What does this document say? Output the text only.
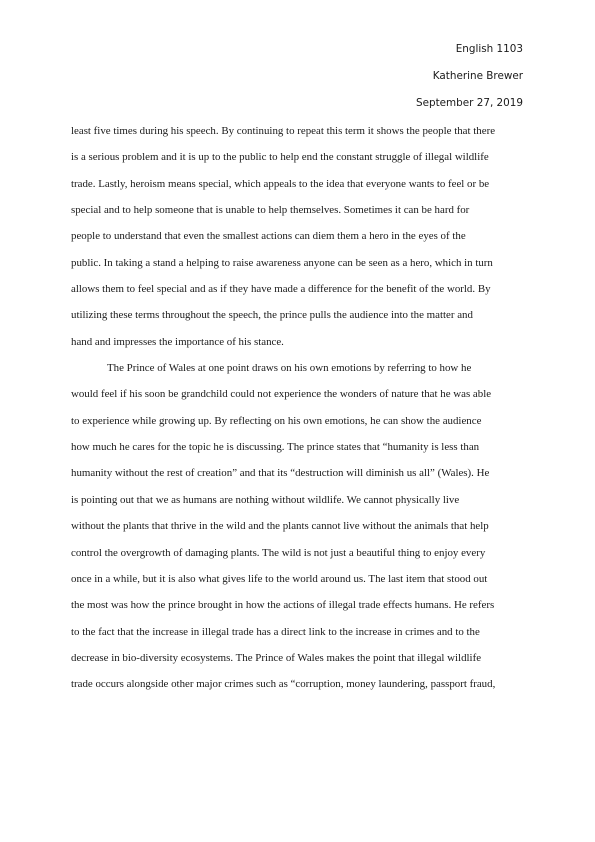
English 1103
Katherine Brewer
September 27, 2019
least five times during his speech. By continuing to repeat this term it shows the people that there
is a serious problem and it is up to the public to help end the constant struggle of illegal wildlife
trade. Lastly, heroism means special, which appeals to the idea that everyone wants to feel or be
special and to help someone that is unable to help themselves. Sometimes it can be hard for
people to understand that even the smallest actions can diem them a hero in the eyes of the
public. In taking a stand a helping to raise awareness anyone can be seen as a hero, which in turn
allows them to feel special and as if they have made a difference for the benefit of the world. By
utilizing these terms throughout the speech, the prince pulls the audience into the matter and
hand and impresses the importance of his stance.
The Prince of Wales at one point draws on his own emotions by referring to how he
would feel if his soon be grandchild could not experience the wonders of nature that he was able
to experience while growing up. By reflecting on his own emotions, he can show the audience
how much he cares for the topic he is discussing. The prince states that “humanity is less than
humanity without the rest of creation” and that its “destruction will diminish us all” (Wales). He
is pointing out that we as humans are nothing without wildlife. We cannot physically live
without the plants that thrive in the wild and the plants cannot live without the animals that help
control the overgrowth of damaging plants. The wild is not just a beautiful thing to enjoy every
once in a while, but it is also what gives life to the world around us. The last item that stood out
the most was how the prince brought in how the actions of illegal trade effects humans. He refers
to the fact that the increase in illegal trade has a direct link to the increase in crimes and to the
decrease in bio-diversity ecosystems. The Prince of Wales makes the point that illegal wildlife
trade occurs alongside other major crimes such as “corruption, money laundering, passport fraud,
